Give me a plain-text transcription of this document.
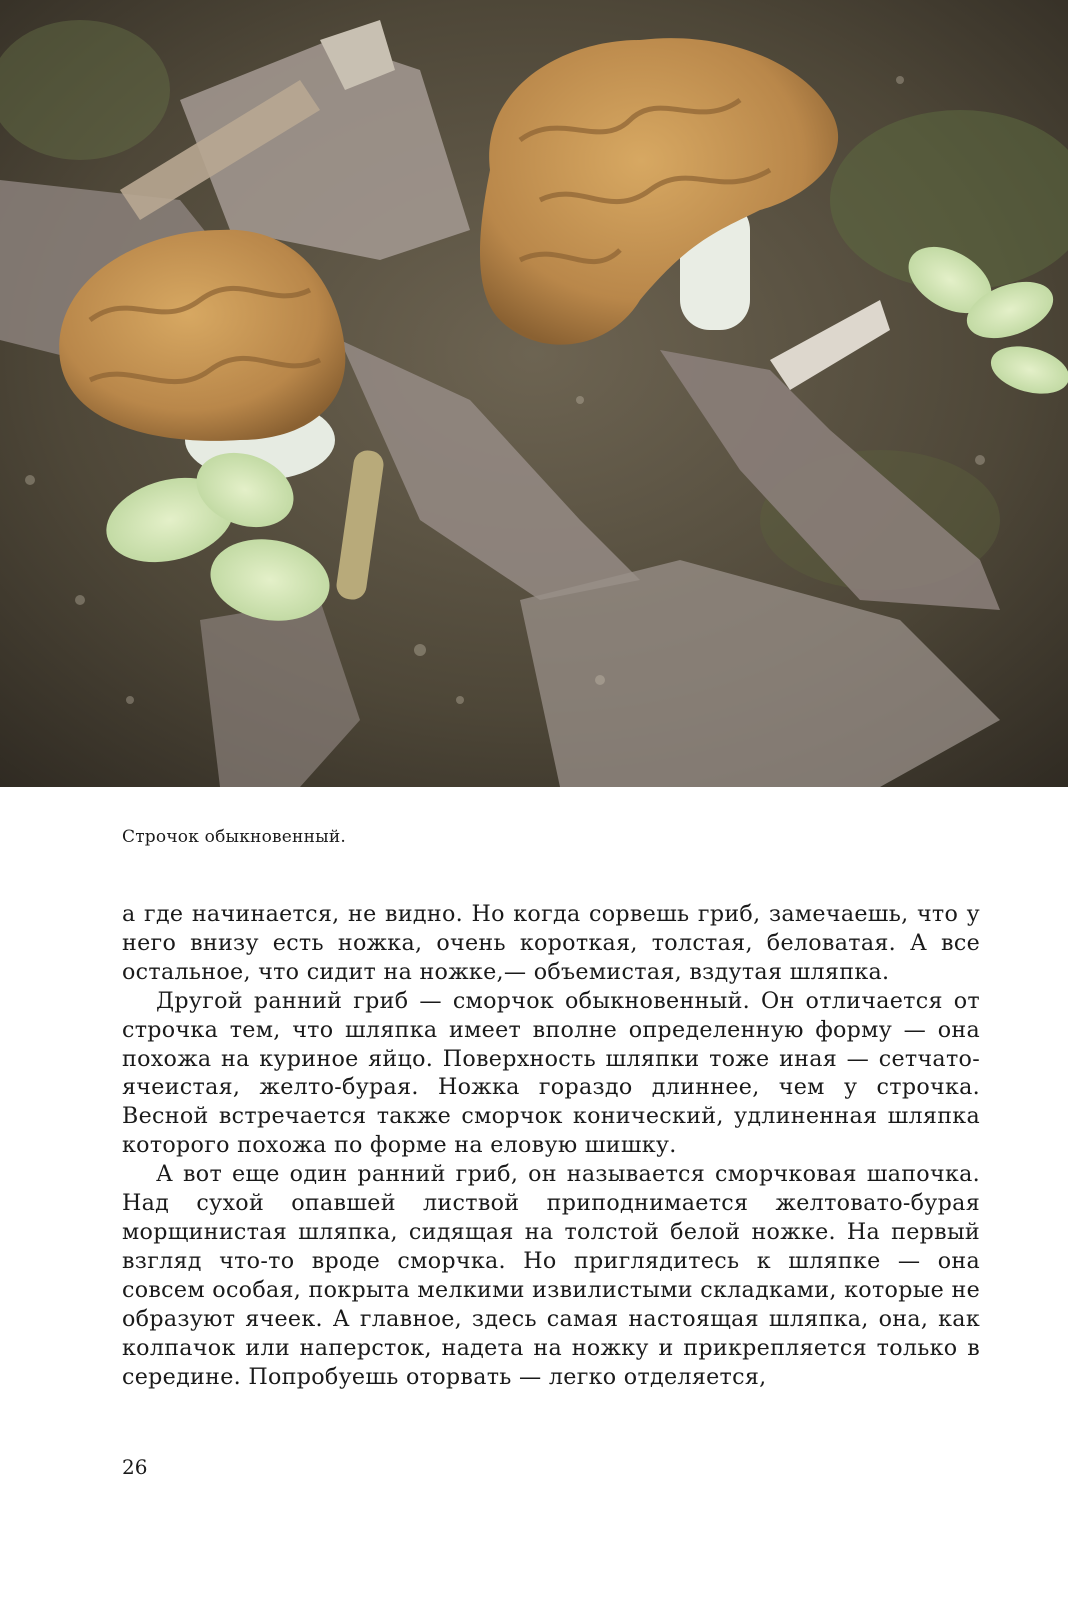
Строчок обыкновенный.

а где начинается, не видно. Но когда сорвешь гриб, замечаешь, что у него внизу есть ножка, очень короткая, толстая, беловатая. А все остальное, что сидит на ножке,— объемистая, вздутая шляпка.

Другой ранний гриб — сморчок обыкновенный. Он отличается от строчка тем, что шляпка имеет вполне определенную форму — она похожа на куриное яйцо. Поверхность шляпки тоже иная — сетчато-ячеистая, желто-бурая. Ножка гораздо длиннее, чем у строчка. Весной встречается также сморчок конический, удлиненная шляпка которого похожа по форме на еловую шишку.

А вот еще один ранний гриб, он называется сморчковая шапочка. Над сухой опавшей листвой приподнимается желтовато-бурая морщинистая шляпка, сидящая на толстой белой ножке. На первый взгляд что-то вроде сморчка. Но приглядитесь к шляпке — она совсем особая, покрыта мелкими извилистыми складками, которые не образуют ячеек. А главное, здесь самая настоящая шляпка, она, как колпачок или наперсток, надета на ножку и прикрепляется только в середине. Попробуешь оторвать — легко отделяется,

26
